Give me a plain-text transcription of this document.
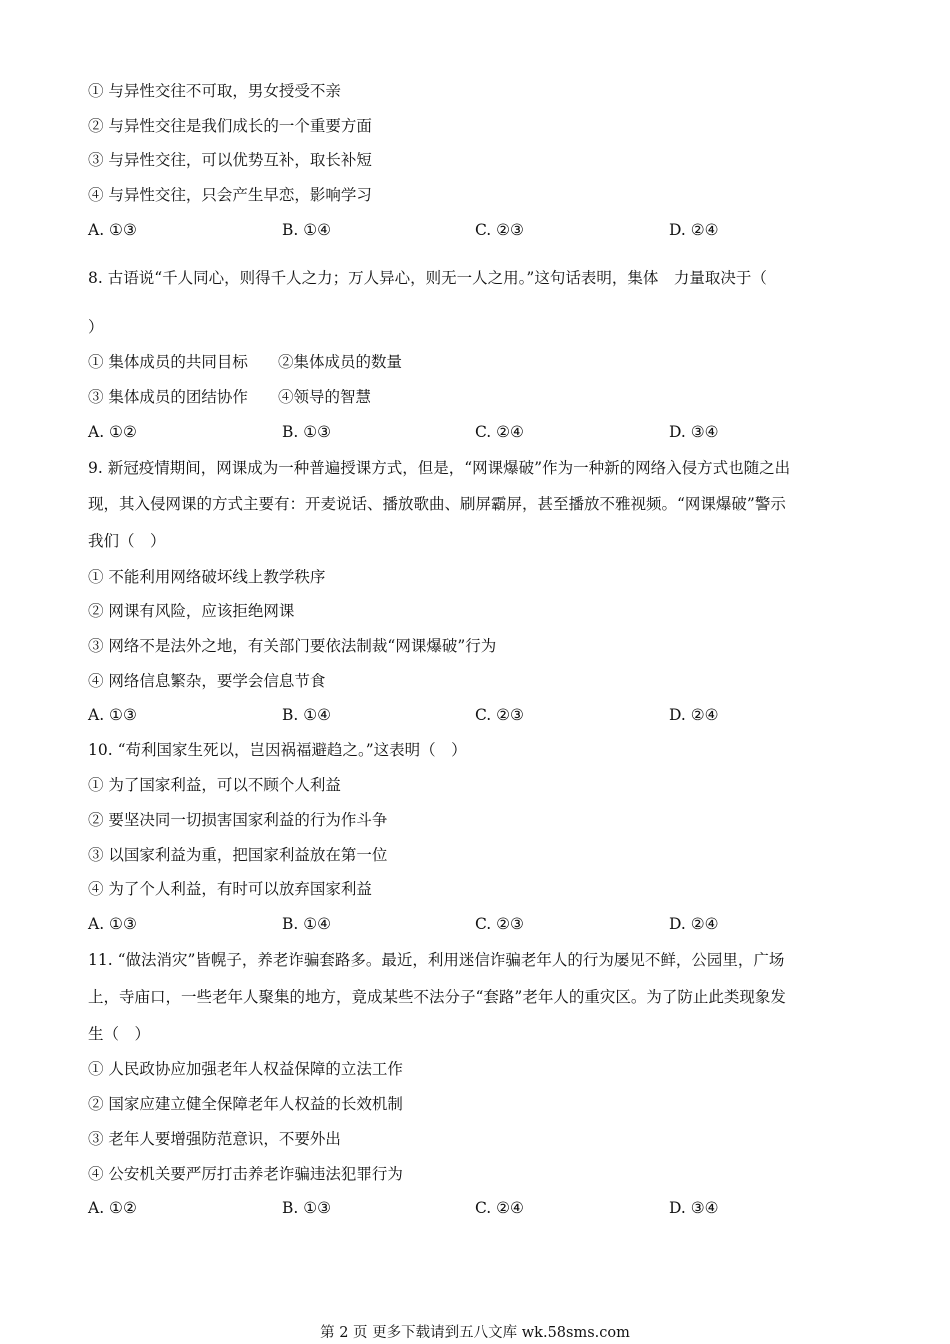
① 与异性交往不可取，男女授受不亲
② 与异性交往是我们成长的一个重要方面
③ 与异性交往，可以优势互补，取长补短
④ 与异性交往，只会产生早恋，影响学习
A. ①③	B. ①④	C. ②③	D. ②④
8. 古语说“千人同心，则得千人之力；万人异心，则无一人之用。”这句话表明，集体　力量取决于（
）
① 集体成员的共同目标 ②集体成员的数量
③ 集体成员的团结协作 ④领导的智慧
A. ①②	B. ①③	C. ②④	D. ③④
9. 新冠疫情期间，网课成为一种普遍授课方式，但是，“网课爆破”作为一种新的网络入侵方式也随之出
现，其入侵网课的方式主要有：开麦说话、播放歌曲、刷屏霸屏，甚至播放不雅视频。“网课爆破”警示
我们（　）
① 不能利用网络破坏线上教学秩序
② 网课有风险，应该拒绝网课
③ 网络不是法外之地，有关部门要依法制裁“网课爆破”行为
④ 网络信息繁杂，要学会信息节食
A. ①③	B. ①④	C. ②③	D. ②④
10. “苟利国家生死以，岂因祸福避趋之。”这表明（　）
① 为了国家利益，可以不顾个人利益
② 要坚决同一切损害国家利益的行为作斗争
③ 以国家利益为重，把国家利益放在第一位
④ 为了个人利益，有时可以放弃国家利益
A. ①③	B. ①④	C. ②③	D. ②④
11. “做法消灾”皆幌子，养老诈骗套路多。最近，利用迷信诈骗老年人的行为屡见不鲜，公园里，广场
上，寺庙口，一些老年人聚集的地方，竟成某些不法分子“套路”老年人的重灾区。为了防止此类现象发
生（　）
① 人民政协应加强老年人权益保障的立法工作
② 国家应建立健全保障老年人权益的长效机制
③ 老年人要增强防范意识，不要外出
④ 公安机关要严厉打击养老诈骗违法犯罪行为
A. ①②	B. ①③	C. ②④	D. ③④
第 2 页 更多下载请到五八文库 wk.58sms.com
